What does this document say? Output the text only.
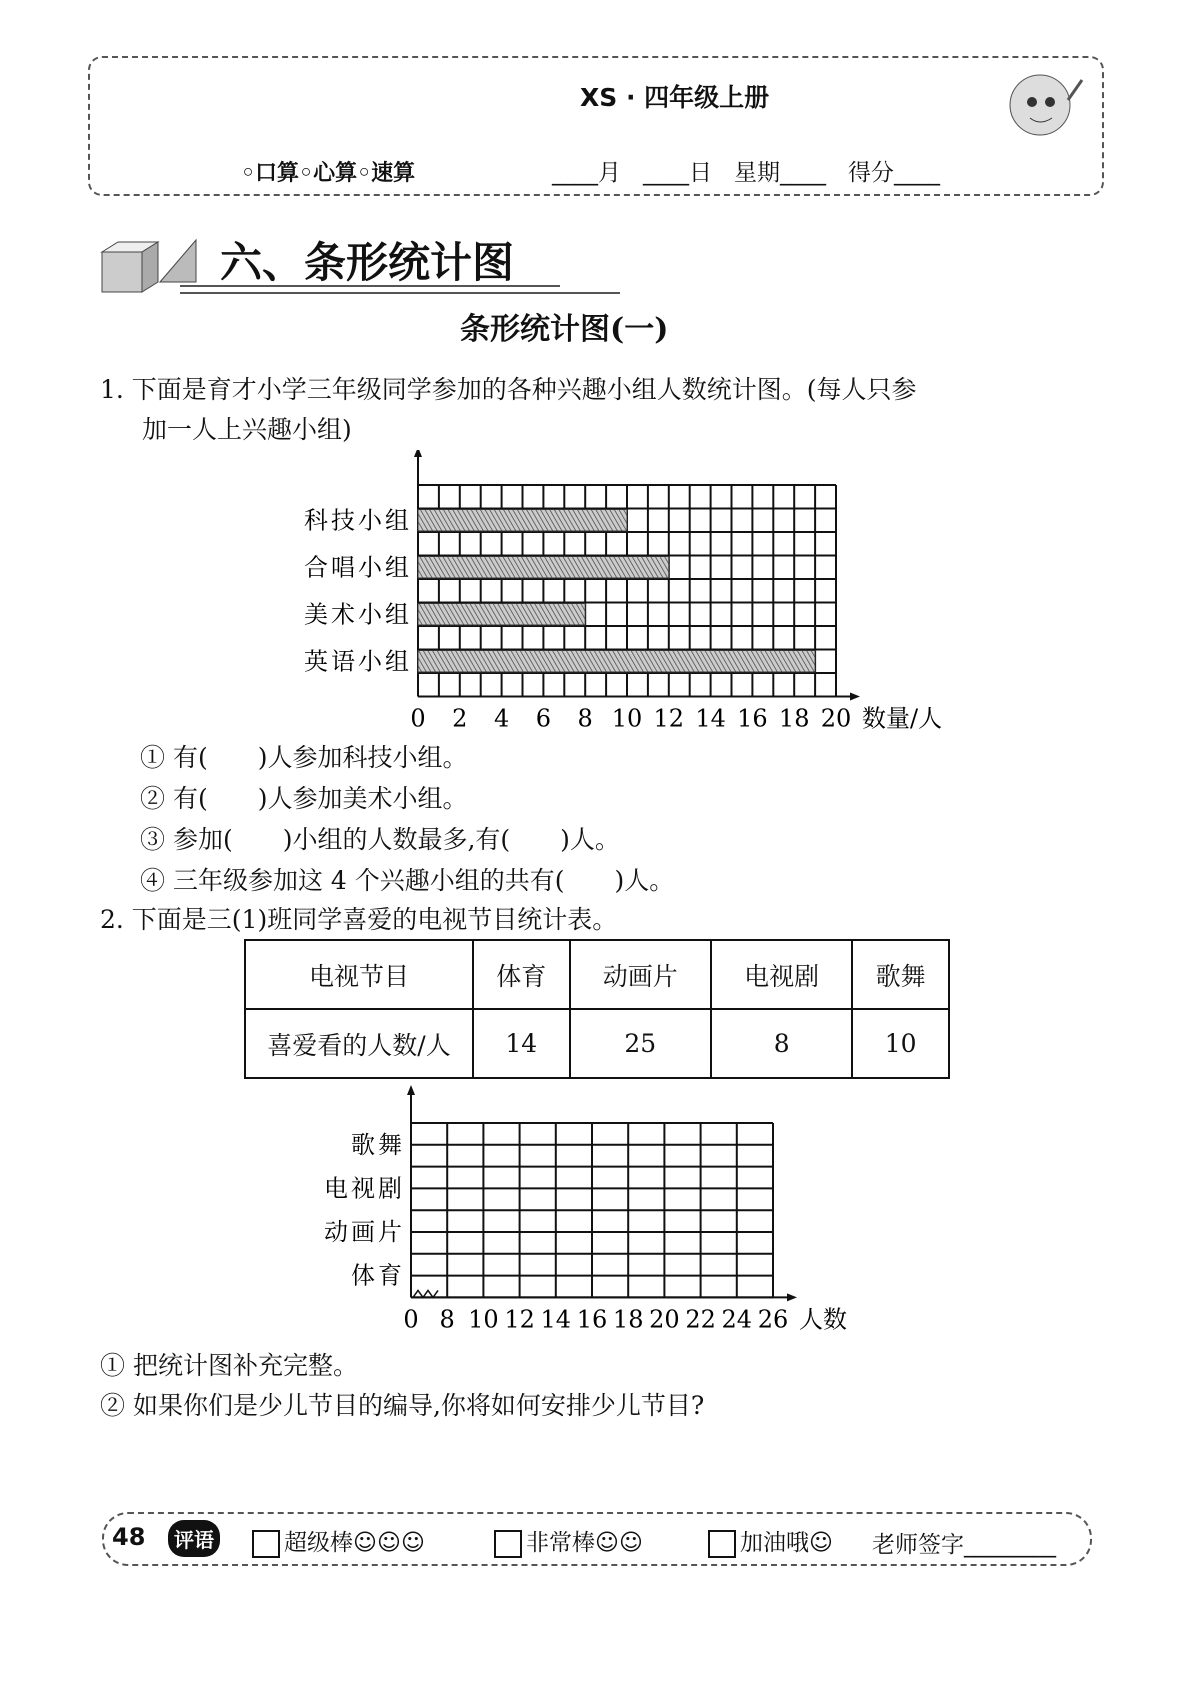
XS · 四年级上册
◦口算◦心算◦速算	____月 ____日 星期____ 得分____
六、条形统计图
条形统计图(一)
1. 下面是育才小学三年级同学参加的各种兴趣小组人数统计图。(每人只参
加一人上兴趣小组)
科技小组
合唱小组
美术小组
英语小组
0 2 4 6 8 10 12 14 16 18 20 数量/人
① 有(　　)人参加科技小组。
② 有(　　)人参加美术小组。
③ 参加(　　)小组的人数最多,有(　　)人。
④ 三年级参加这 4 个兴趣小组的共有(　　)人。
2. 下面是三(1)班同学喜爱的电视节目统计表。
电视节目	体育	动画片	电视剧	歌舞
喜爱看的人数/人	14	25	8	10
歌舞
电视剧
动画片
体育
0 8 10 12 14 16 18 20 22 24 26 人数
① 把统计图补充完整。
② 如果你们是少儿节目的编导,你将如何安排少儿节目?
48	评语	超级棒☺☺☺	非常棒☺☺	加油哦☺ 老师签字________
